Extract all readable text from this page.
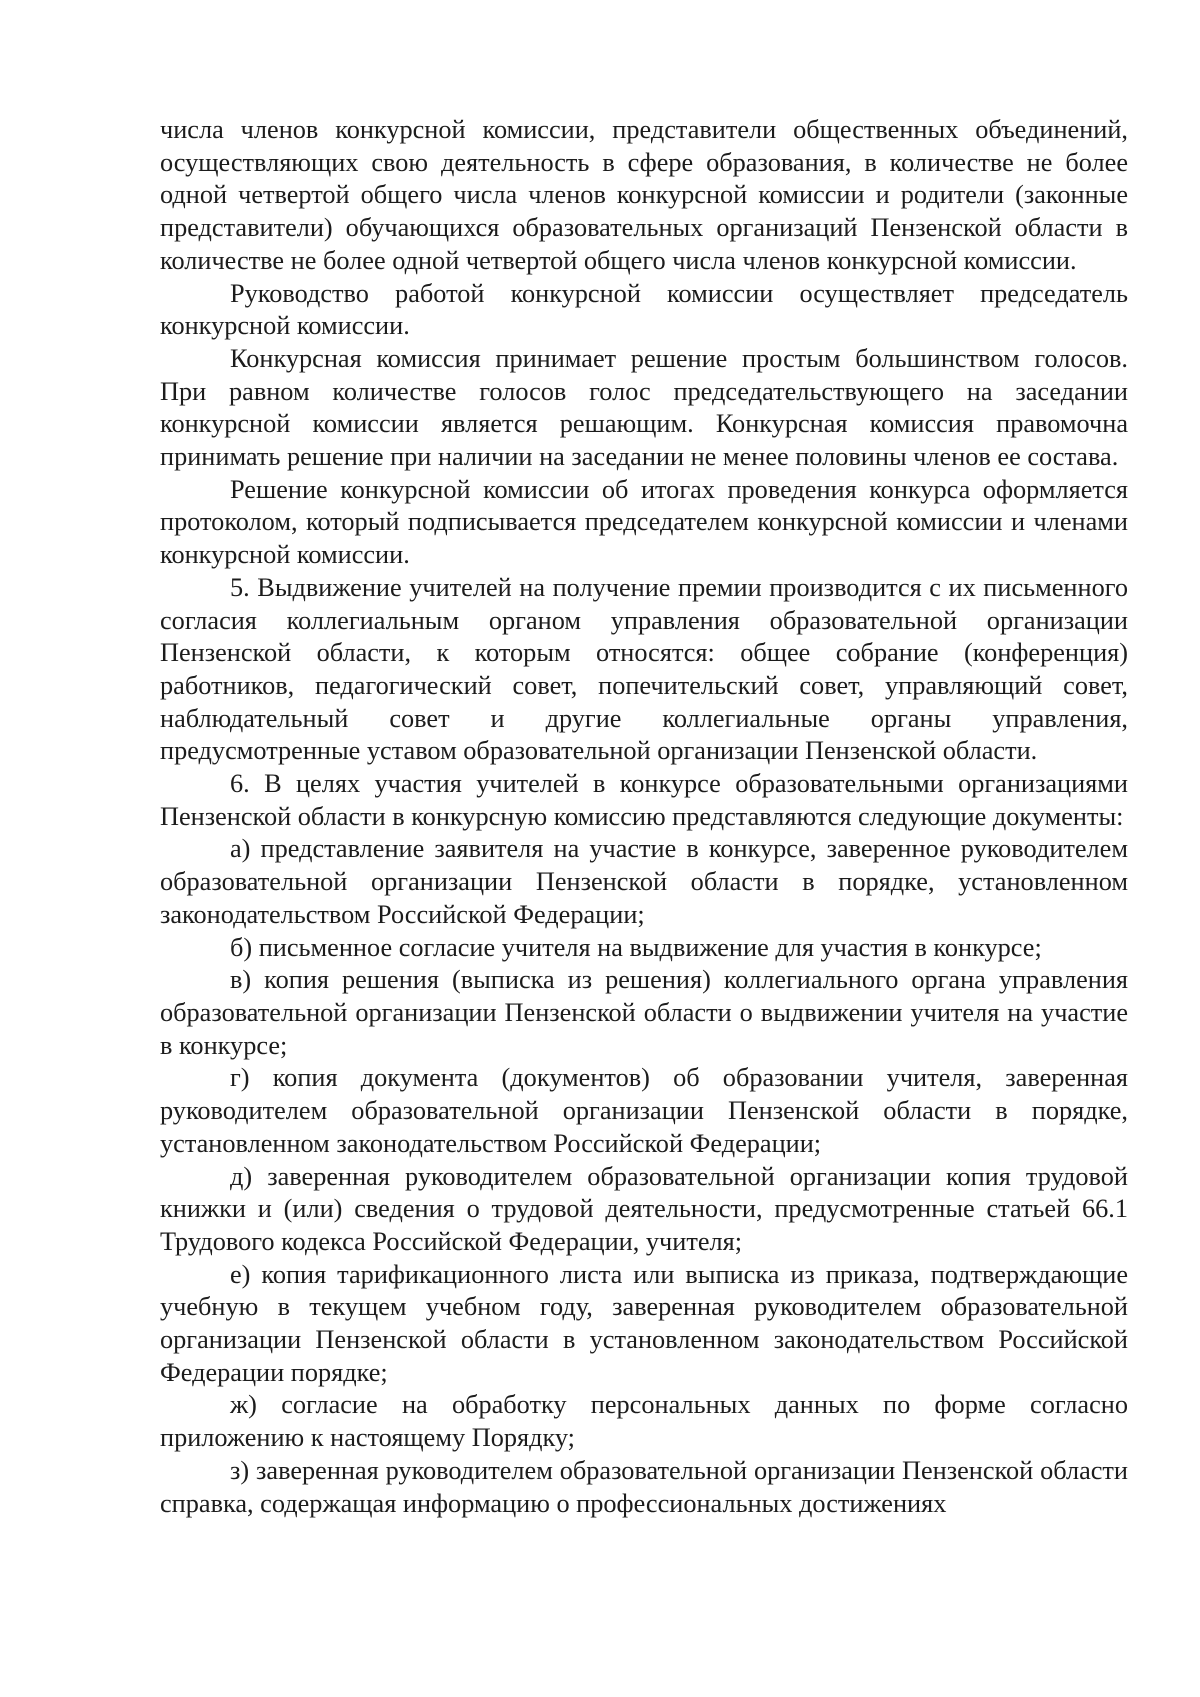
числа членов конкурсной комиссии, представители общественных объединений, осуществляющих свою деятельность в сфере образования, в количестве не более одной четвертой общего числа членов конкурсной комиссии и родители (законные представители) обучающихся образовательных организаций Пензенской области в количестве не более одной четвертой общего числа членов конкурсной комиссии.

Руководство работой конкурсной комиссии осуществляет председатель конкурсной комиссии.

Конкурсная комиссия принимает решение простым большинством голосов. При равном количестве голосов голос председательствующего на заседании конкурсной комиссии является решающим. Конкурсная комиссия правомочна принимать решение при наличии на заседании не менее половины членов ее состава.

Решение конкурсной комиссии об итогах проведения конкурса оформляется протоколом, который подписывается председателем конкурсной комиссии и членами конкурсной комиссии.

5. Выдвижение учителей на получение премии производится с их письменного согласия коллегиальным органом управления образовательной организации Пензенской области, к которым относятся: общее собрание (конференция) работников, педагогический совет, попечительский совет, управляющий совет, наблюдательный совет и другие коллегиальные органы управления, предусмотренные уставом образовательной организации Пензенской области.

6. В целях участия учителей в конкурсе образовательными организациями Пензенской области в конкурсную комиссию представляются следующие документы:

а) представление заявителя на участие в конкурсе, заверенное руководителем образовательной организации Пензенской области в порядке, установленном законодательством Российской Федерации;

б) письменное согласие учителя на выдвижение для участия в конкурсе;

в) копия решения (выписка из решения) коллегиального органа управления образовательной организации Пензенской области о выдвижении учителя на участие в конкурсе;

г) копия документа (документов) об образовании учителя, заверенная руководителем образовательной организации Пензенской области в порядке, установленном законодательством Российской Федерации;

д) заверенная руководителем образовательной организации копия трудовой книжки и (или) сведения о трудовой деятельности, предусмотренные статьей 66.1 Трудового кодекса Российской Федерации, учителя;

е) копия тарификационного листа или выписка из приказа, подтверждающие учебную в текущем учебном году, заверенная руководителем образовательной организации Пензенской области в установленном законодательством Российской Федерации порядке;

ж) согласие на обработку персональных данных по форме согласно приложению к настоящему Порядку;

з) заверенная руководителем образовательной организации Пензенской области справка, содержащая информацию о профессиональных достижениях
